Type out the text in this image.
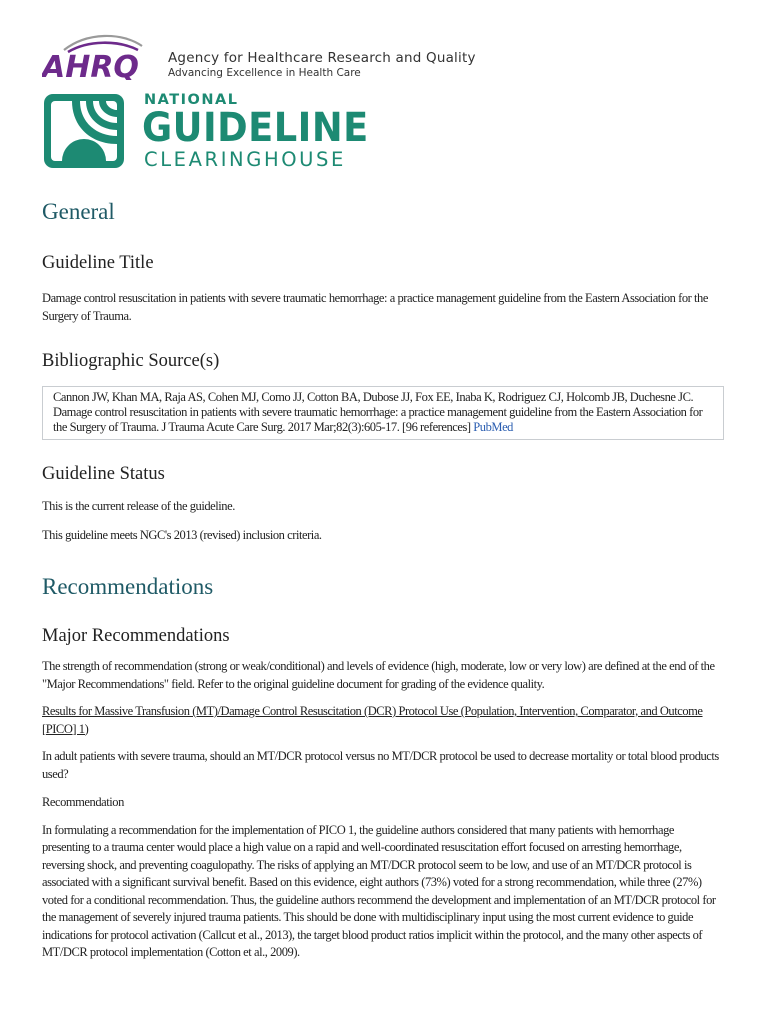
AHRQ Agency for Healthcare Research and Quality
Advancing Excellence in Health Care
NATIONAL
GUIDELINE
CLEARINGHOUSE
General
Guideline Title

Damage control resuscitation in patients with severe traumatic hemorrhage: a practice management guideline from the Eastern Association for the Surgery of Trauma.

Bibliographic Source(s)
Cannon JW, Khan MA, Raja AS, Cohen MJ, Como JJ, Cotton BA, Dubose JJ, Fox EE, Inaba K, Rodriguez CJ, Holcomb JB, Duchesne JC. Damage control resuscitation in patients with severe traumatic hemorrhage: a practice management guideline from the Eastern Association for the Surgery of Trauma. J Trauma Acute Care Surg. 2017 Mar;82(3):605-17. [96 references] PubMed
Guideline Status

This is the current release of the guideline.

This guideline meets NGC's 2013 (revised) inclusion criteria.

Recommendations
Major Recommendations

The strength of recommendation (strong or weak/conditional) and levels of evidence (high, moderate, low or very low) are defined at the end of the "Major Recommendations" field. Refer to the original guideline document for grading of the evidence quality.

Results for Massive Transfusion (MT)/Damage Control Resuscitation (DCR) Protocol Use (Population, Intervention, Comparator, and Outcome [PICO] 1)

In adult patients with severe trauma, should an MT/DCR protocol versus no MT/DCR protocol be used to decrease mortality or total blood products used?

Recommendation

In formulating a recommendation for the implementation of PICO 1, the guideline authors considered that many patients with hemorrhage presenting to a trauma center would place a high value on a rapid and well-coordinated resuscitation effort focused on arresting hemorrhage, reversing shock, and preventing coagulopathy. The risks of applying an MT/DCR protocol seem to be low, and use of an MT/DCR protocol is associated with a significant survival benefit. Based on this evidence, eight authors (73%) voted for a strong recommendation, while three (27%) voted for a conditional recommendation. Thus, the guideline authors recommend the development and implementation of an MT/DCR protocol for the management of severely injured trauma patients. This should be done with multidisciplinary input using the most current evidence to guide indications for protocol activation (Callcut et al., 2013), the target blood product ratios implicit within the protocol, and the many other aspects of MT/DCR protocol implementation (Cotton et al., 2009).
